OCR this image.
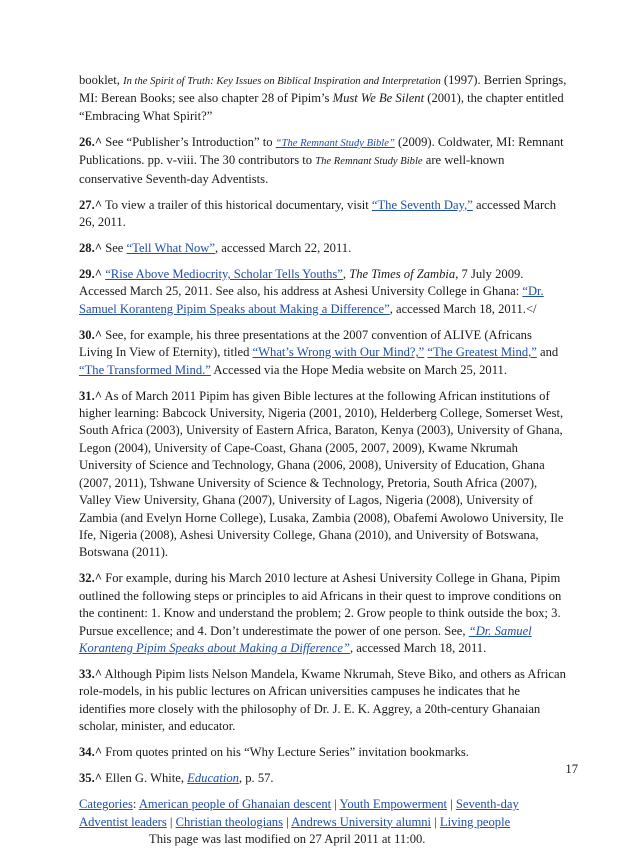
booklet, In the Spirit of Truth: Key Issues on Biblical Inspiration and Interpretation (1997). Berrien Springs, MI: Berean Books; see also chapter 28 of Pipim’s Must We Be Silent (2001), the chapter entitled “Embracing What Spirit?”

26.^ See “Publisher’s Introduction” to “The Remnant Study Bible” (2009). Coldwater, MI: Remnant Publications. pp. v-viii. The 30 contributors to The Remnant Study Bible are well-known conservative Seventh-day Adventists.

27.^ To view a trailer of this historical documentary, visit “The Seventh Day,” accessed March 26, 2011.

28.^ See “Tell What Now”, accessed March 22, 2011.

29.^ “Rise Above Mediocrity, Scholar Tells Youths”, The Times of Zambia, 7 July 2009. Accessed March 25, 2011. See also, his address at Ashesi University College in Ghana: “Dr. Samuel Koranteng Pipim Speaks about Making a Difference”, accessed March 18, 2011.</

30.^ See, for example, his three presentations at the 2007 convention of ALIVE (Africans Living In View of Eternity), titled “What’s Wrong with Our Mind?,” “The Greatest Mind,” and “The Transformed Mind.” Accessed via the Hope Media website on March 25, 2011.

31.^ As of March 2011 Pipim has given Bible lectures at the following African institutions of higher learning: Babcock University, Nigeria (2001, 2010), Helderberg College, Somerset West, South Africa (2003), University of Eastern Africa, Baraton, Kenya (2003), University of Ghana, Legon (2004), University of Cape-Coast, Ghana (2005, 2007, 2009), Kwame Nkrumah University of Science and Technology, Ghana (2006, 2008), University of Education, Ghana (2007, 2011), Tshwane University of Science & Technology, Pretoria, South Africa (2007), Valley View University, Ghana (2007), University of Lagos, Nigeria (2008), University of Zambia (and Evelyn Horne College), Lusaka, Zambia (2008), Obafemi Awolowo University, Ile Ife, Nigeria (2008), Ashesi University College, Ghana (2010), and University of Botswana, Botswana (2011).

32.^ For example, during his March 2010 lecture at Ashesi University College in Ghana, Pipim outlined the following steps or principles to aid Africans in their quest to improve conditions on the continent: 1. Know and understand the problem; 2. Grow people to think outside the box; 3. Pursue excellence; and 4. Don’t underestimate the power of one person. See, “Dr. Samuel Koranteng Pipim Speaks about Making a Difference”, accessed March 18, 2011.

33.^ Although Pipim lists Nelson Mandela, Kwame Nkrumah, Steve Biko, and others as African role-models, in his public lectures on African universities campuses he indicates that he identifies more closely with the philosophy of Dr. J. E. K. Aggrey, a 20th-century Ghanaian scholar, minister, and educator.

34.^ From quotes printed on his “Why Lecture Series” invitation bookmarks.

35.^ Ellen G. White, Education, p. 57.

Categories: American people of Ghanaian descent | Youth Empowerment | Seventh-day Adventist leaders | Christian theologians | Andrews University alumni | Living people

This page was last modified on 27 April 2011 at 11:00.

17
